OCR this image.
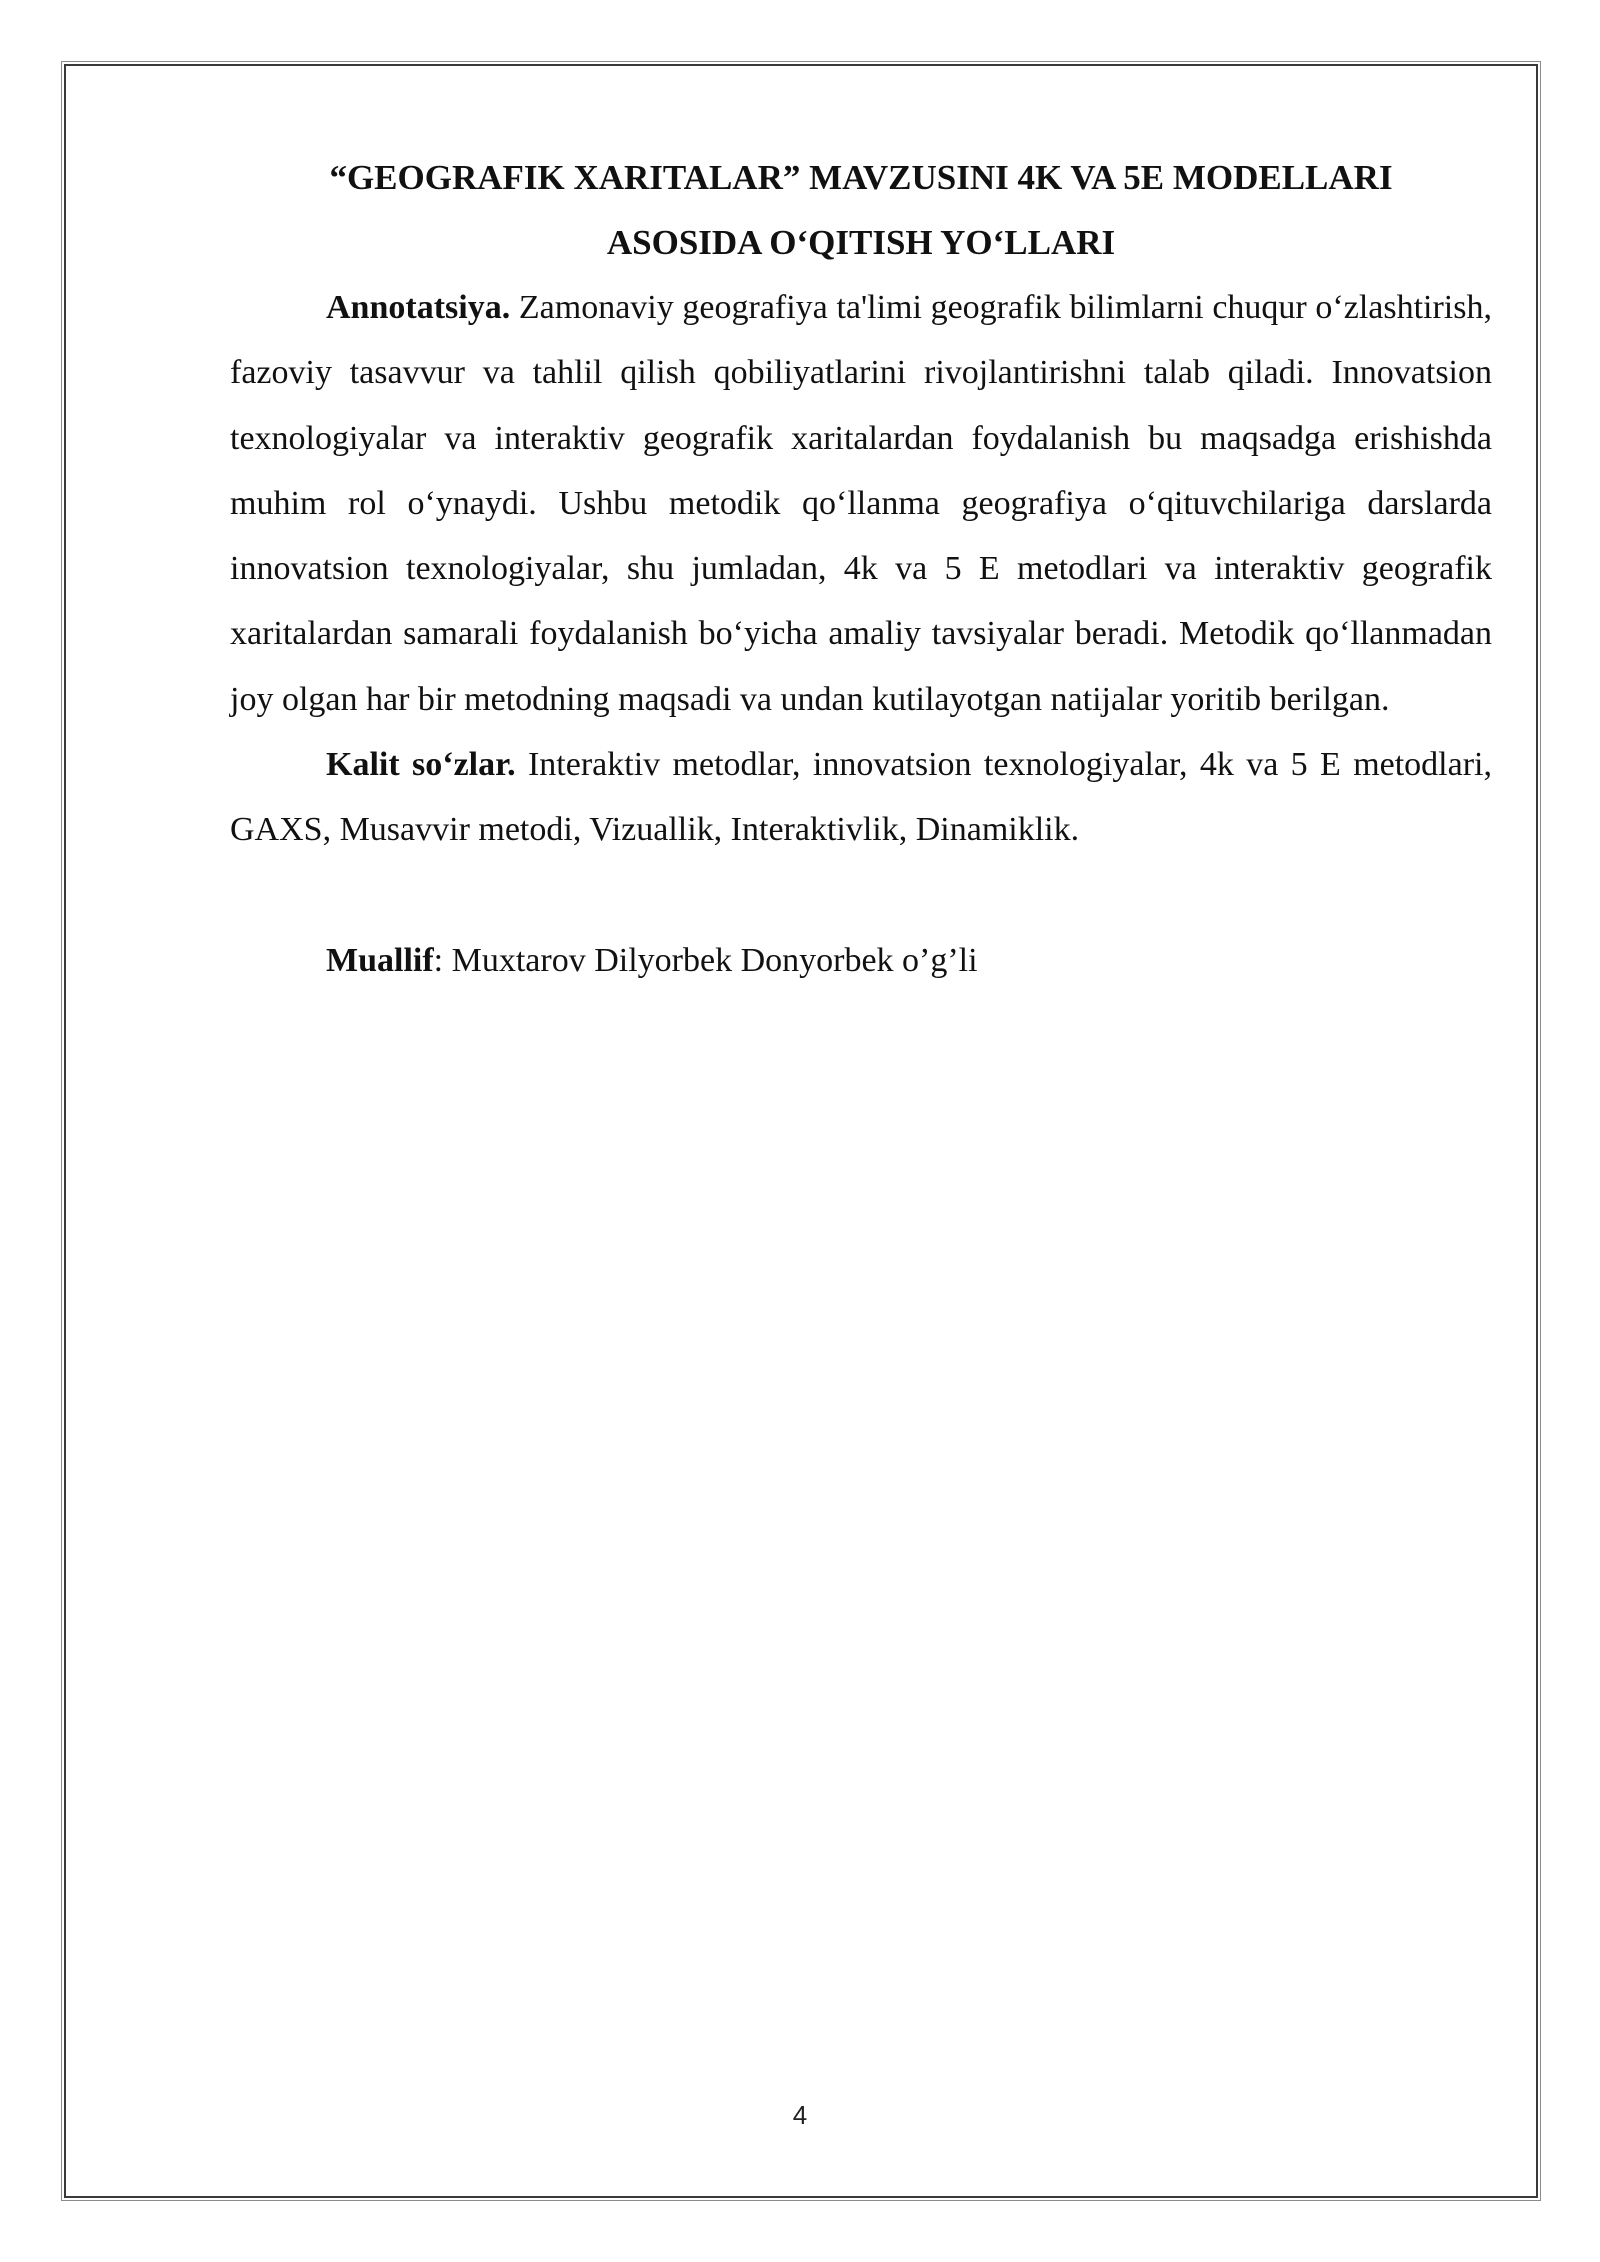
“GEOGRAFIK XARITALAR” MAVZUSINI 4K VA 5E MODELLARI

ASOSIDA O‘QITISH YO‘LLARI

Annotatsiya. Zamonaviy geografiya ta'limi geografik bilimlarni chuqur o‘zlashtirish, fazoviy tasavvur va tahlil qilish qobiliyatlarini rivojlantirishni talab qiladi. Innovatsion texnologiyalar va interaktiv geografik xaritalardan foydalanish bu maqsadga erishishda muhim rol o‘ynaydi. Ushbu metodik qo‘llanma geografiya o‘qituvchilariga darslarda innovatsion texnologiyalar, shu jumladan, 4k va 5 E metodlari va interaktiv geografik xaritalardan samarali foydalanish bo‘yicha amaliy tavsiyalar beradi. Metodik qo‘llanmadan joy olgan har bir metodning maqsadi va undan kutilayotgan natijalar yoritib berilgan.

Kalit so‘zlar. Interaktiv metodlar, innovatsion texnologiyalar, 4k va 5 E metodlari, GAXS, Musavvir metodi, Vizuallik, Interaktivlik, Dinamiklik.

Muallif: Muxtarov Dilyorbek Donyorbek o’g’li

4
